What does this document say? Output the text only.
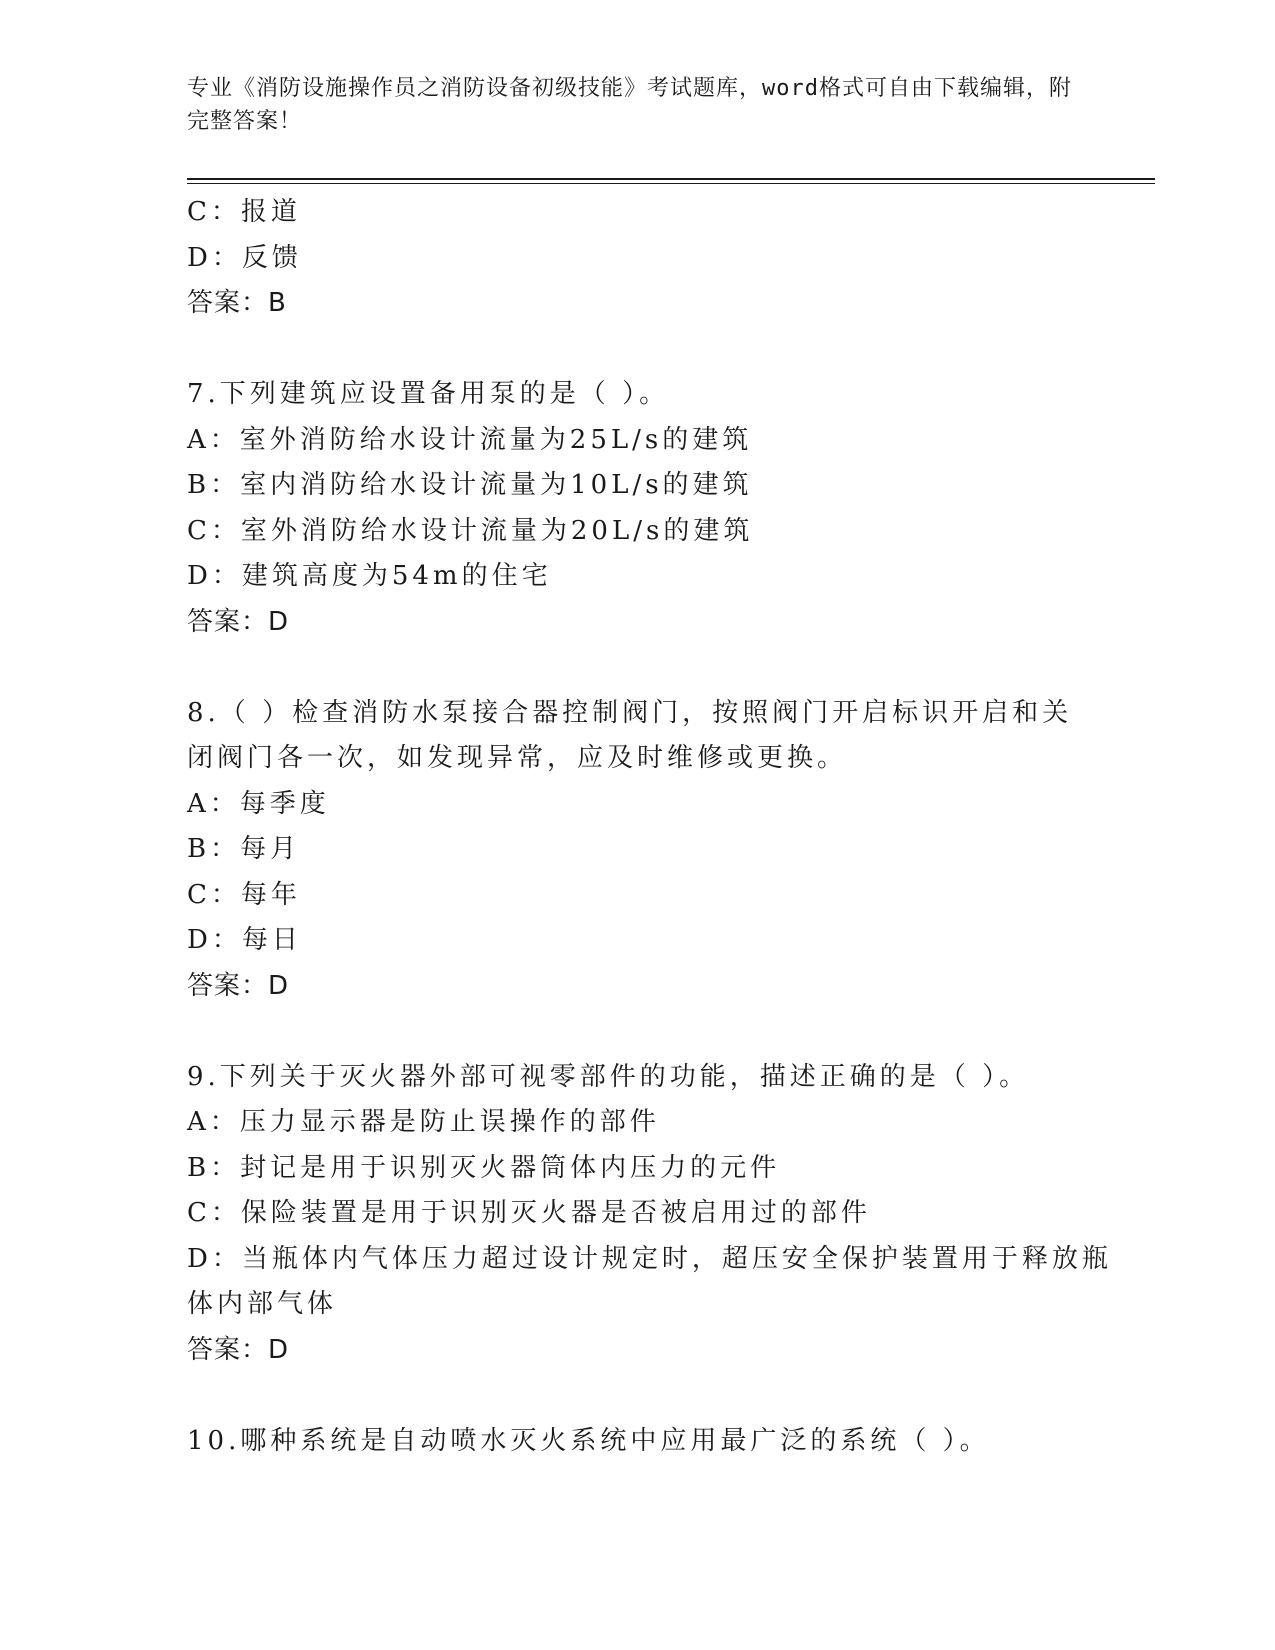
专业《消防设施操作员之消防设备初级技能》考试题库，word格式可自由下载编辑，附完整答案！
C：报道
D：反馈
答案：B
7.下列建筑应设置备用泵的是（ ）。
A：室外消防给水设计流量为25L/s的建筑
B：室内消防给水设计流量为10L/s的建筑
C：室外消防给水设计流量为20L/s的建筑
D：建筑高度为54m的住宅
答案：D
8.（ ）检查消防水泵接合器控制阀门，按照阀门开启标识开启和关
闭阀门各一次，如发现异常，应及时维修或更换。
A：每季度
B：每月
C：每年
D：每日
答案：D
9.下列关于灭火器外部可视零部件的功能，描述正确的是（ ）。
A：压力显示器是防止误操作的部件
B：封记是用于识别灭火器筒体内压力的元件
C：保险装置是用于识别灭火器是否被启用过的部件
D：当瓶体内气体压力超过设计规定时，超压安全保护装置用于释放瓶
体内部气体
答案：D
10.哪种系统是自动喷水灭火系统中应用最广泛的系统（ ）。
